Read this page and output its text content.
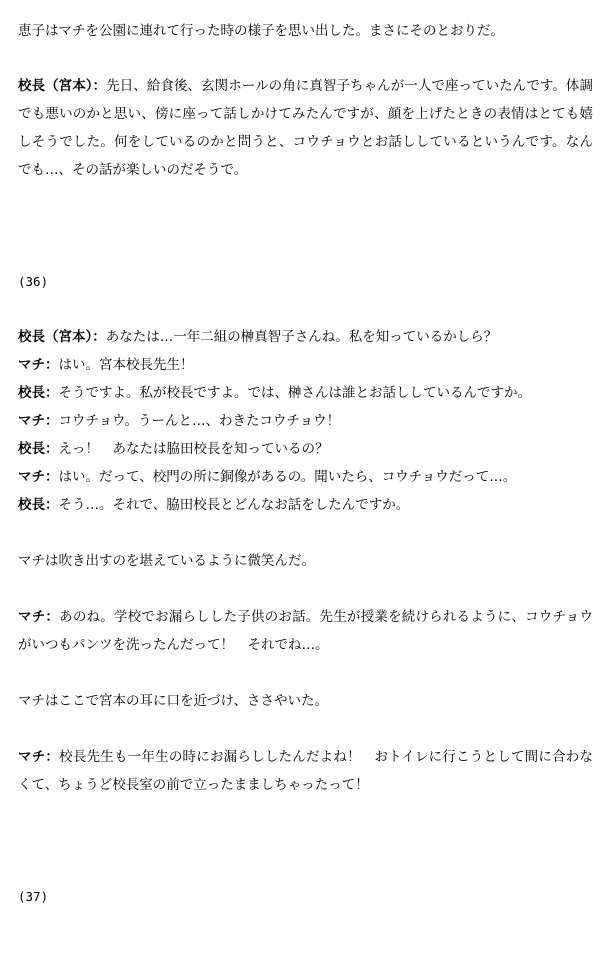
恵子はマチを公園に連れて行った時の様子を思い出した。まさにそのとおりだ。

校長（宮本）：先日、給食後、玄関ホールの角に真智子ちゃんが一人で座っていたんです。体調でも悪いのかと思い、傍に座って話しかけてみたんですが、顔を上げたときの表情はとても嬉しそうでした。何をしているのかと問うと、コウチョウとお話ししているというんです。なんでも…、その話が楽しいのだそうで。

(36)

校長（宮本）：あなたは…一年二組の榊真智子さんね。私を知っているかしら？

マチ：はい。宮本校長先生！

校長：そうですよ。私が校長ですよ。では、榊さんは誰とお話ししているんですか。

マチ：コウチョウ。うーんと…、わきたコウチョウ！

校長：えっ！　あなたは脇田校長を知っているの？

マチ：はい。だって、校門の所に銅像があるの。聞いたら、コウチョウだって…。

校長：そう…。それで、脇田校長とどんなお話をしたんですか。

マチは吹き出すのを堪えているように微笑んだ。

マチ：あのね。学校でお漏らしした子供のお話。先生が授業を続けられるように、コウチョウがいつもパンツを洗ったんだって！　それでね…。

マチはここで宮本の耳に口を近づけ、ささやいた。

マチ：校長先生も一年生の時にお漏らししたんだよね！　おトイレに行こうとして間に合わなくて、ちょうど校長室の前で立ったまましちゃったって！

(37)
